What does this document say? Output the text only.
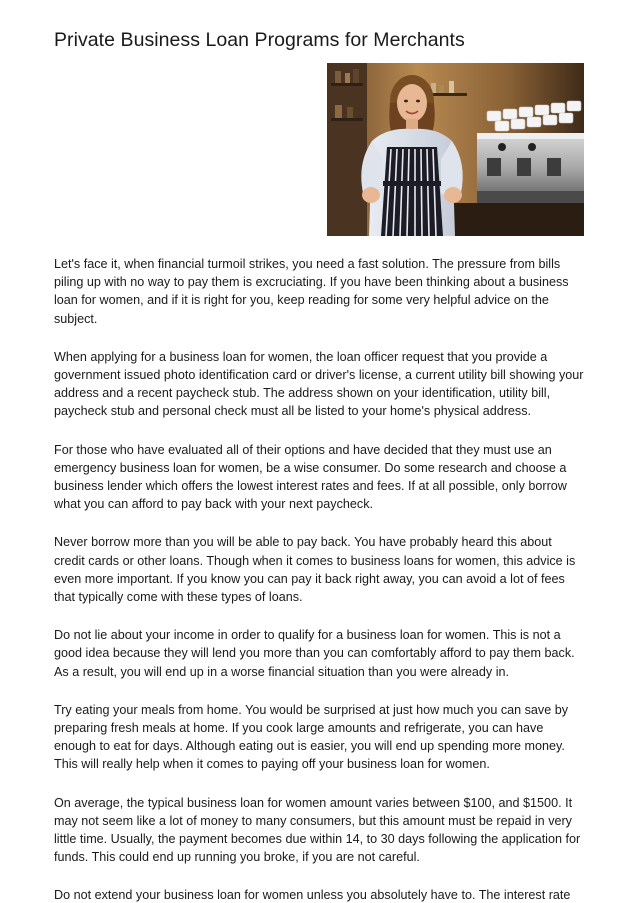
Private Business Loan Programs for Merchants

Let's face it, when financial turmoil strikes, you need a fast solution. The pressure from bills piling up with no way to pay them is excruciating. If you have been thinking about a business loan for women, and if it is right for you, keep reading for some very helpful advice on the subject.

When applying for a business loan for women, the loan officer request that you provide a government issued photo identification card or driver's license, a current utility bill showing your address and a recent paycheck stub. The address shown on your identification, utility bill, paycheck stub and personal check must all be listed to your home's physical address.

For those who have evaluated all of their options and have decided that they must use an emergency business loan for women, be a wise consumer. Do some research and choose a business lender which offers the lowest interest rates and fees. If at all possible, only borrow what you can afford to pay back with your next paycheck.

Never borrow more than you will be able to pay back. You have probably heard this about credit cards or other loans. Though when it comes to business loans for women, this advice is even more important. If you know you can pay it back right away, you can avoid a lot of fees that typically come with these types of loans.

Do not lie about your income in order to qualify for a business loan for women. This is not a good idea because they will lend you more than you can comfortably afford to pay them back. As a result, you will end up in a worse financial situation than you were already in.

Try eating your meals from home. You would be surprised at just how much you can save by preparing fresh meals at home. If you cook large amounts and refrigerate, you can have enough to eat for days. Although eating out is easier, you will end up spending more money. This will really help when it comes to paying off your business loan for women.

On average, the typical business loan for women amount varies between $100, and $1500. It may not seem like a lot of money to many consumers, but this amount must be repaid in very little time. Usually, the payment becomes due within 14, to 30 days following the application for funds. This could end up running you broke, if you are not careful.

Do not extend your business loan for women unless you absolutely have to. The interest rate
